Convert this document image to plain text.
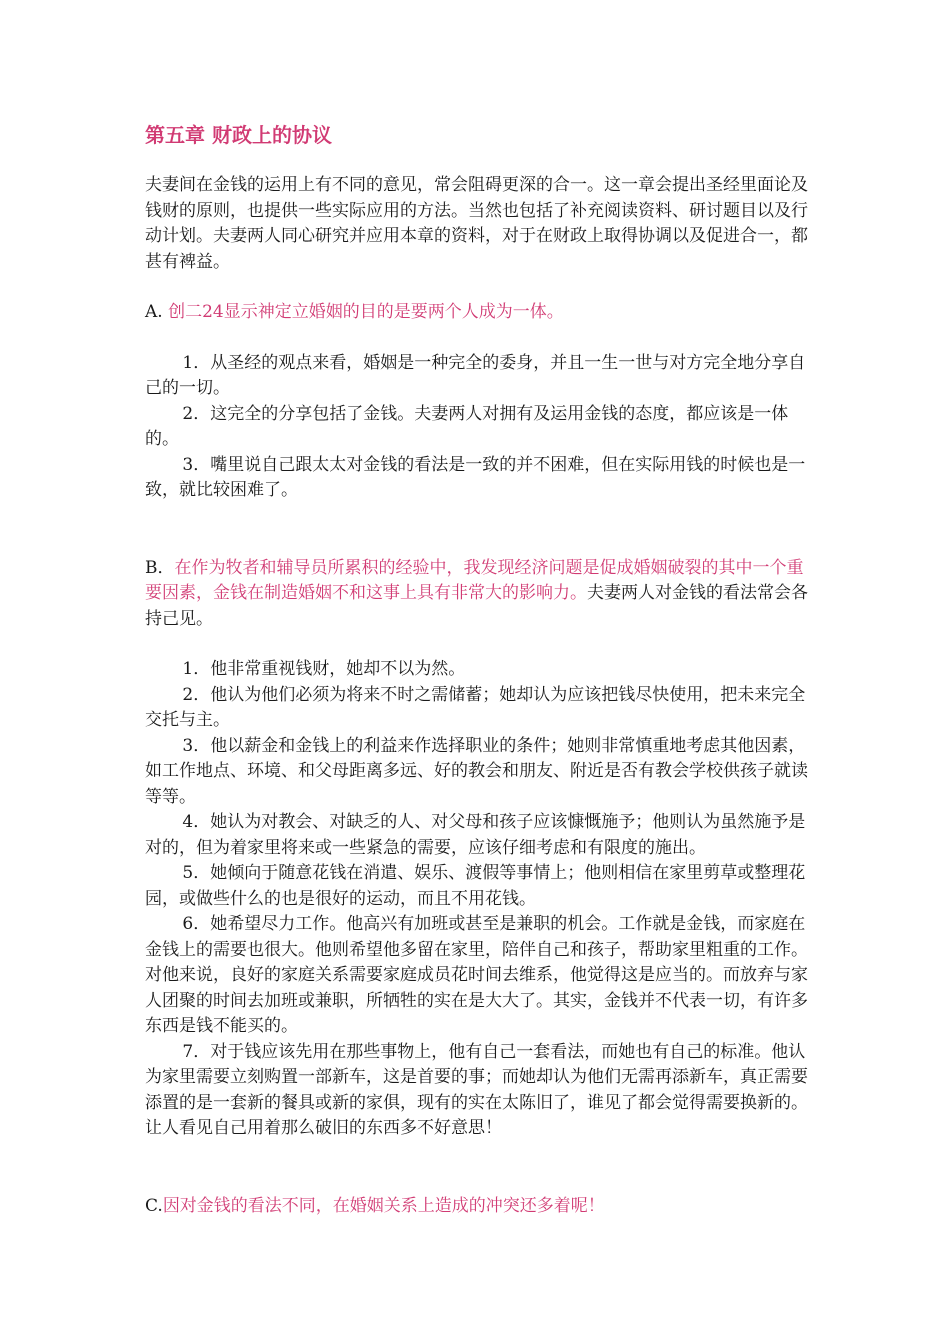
第五章 财政上的协议

夫妻间在金钱的运用上有不同的意见，常会阻碍更深的合一。这一章会提出圣经里面论及钱财的原则，也提供一些实际应用的方法。当然也包括了补充阅读资料、研讨题目以及行动计划。夫妻两人同心研究并应用本章的资料，对于在财政上取得协调以及促进合一，都甚有裨益。

A. 创二24显示神定立婚姻的目的是要两个人成为一体。

1．从圣经的观点来看，婚姻是一种完全的委身，并且一生一世与对方完全地分享自己的一切。

2．这完全的分享包括了金钱。夫妻两人对拥有及运用金钱的态度，都应该是一体的。

3．嘴里说自己跟太太对金钱的看法是一致的并不困难，但在实际用钱的时候也是一致，就比较困难了。

B．在作为牧者和辅导员所累积的经验中，我发现经济问题是促成婚姻破裂的其中一个重要因素，金钱在制造婚姻不和这事上具有非常大的影响力。夫妻两人对金钱的看法常会各持己见。

1．他非常重视钱财，她却不以为然。

2．他认为他们必须为将来不时之需储蓄；她却认为应该把钱尽快使用，把未来完全交托与主。

3．他以薪金和金钱上的利益来作选择职业的条件；她则非常慎重地考虑其他因素，如工作地点、环境、和父母距离多远、好的教会和朋友、附近是否有教会学校供孩子就读等等。

4．她认为对教会、对缺乏的人、对父母和孩子应该慷慨施予；他则认为虽然施予是对的，但为着家里将来或一些紧急的需要，应该仔细考虑和有限度的施出。

5．她倾向于随意花钱在消遣、娱乐、渡假等事情上；他则相信在家里剪草或整理花园，或做些什么的也是很好的运动，而且不用花钱。

6．她希望尽力工作。他高兴有加班或甚至是兼职的机会。工作就是金钱，而家庭在金钱上的需要也很大。他则希望他多留在家里，陪伴自己和孩子，帮助家里粗重的工作。对他来说，良好的家庭关系需要家庭成员花时间去维系，他觉得这是应当的。而放弃与家人团聚的时间去加班或兼职，所牺牲的实在是大大了。其实，金钱并不代表一切，有许多东西是钱不能买的。

7．对于钱应该先用在那些事物上，他有自己一套看法，而她也有自己的标准。他认为家里需要立刻购置一部新车，这是首要的事；而她却认为他们无需再添新车，真正需要添置的是一套新的餐具或新的家俱，现有的实在太陈旧了，谁见了都会觉得需要换新的。让人看见自己用着那么破旧的东西多不好意思！

C.因对金钱的看法不同，在婚姻关系上造成的冲突还多着呢！
